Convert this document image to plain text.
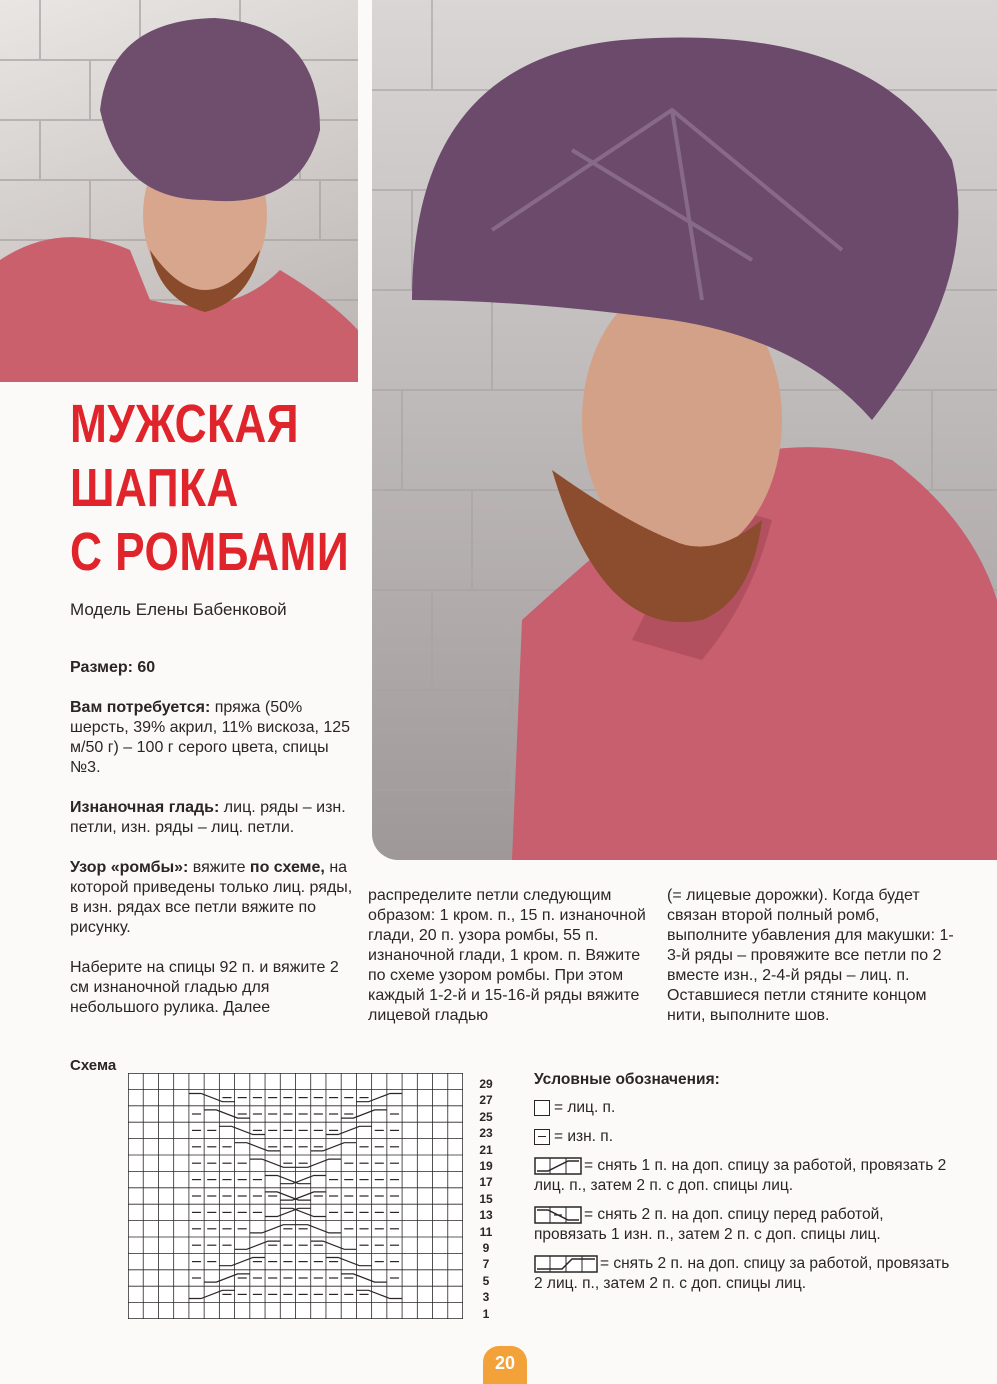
МУЖСКАЯ
ШАПКА
С РОМБАМИ
Модель Елены Бабенковой

Размер: 60

Вам потребуется: пряжа (50% шерсть, 39% акрил, 11% вискоза, 125 м/50 г) – 100 г серого цвета, спицы №3.

Изнаночная гладь: лиц. ряды – изн. петли, изн. ряды – лиц. петли.

Узор «ромбы»: вяжите по схеме, на которой приведены только лиц. ряды, в изн. рядах все петли вяжите по рисунку.

Наберите на спицы 92 п. и вяжите 2 см изнаночной гладью для небольшого рулика. Далее

распределите петли следующим образом: 1 кром. п., 15 п. изнаночной глади, 20 п. узора ромбы, 55 п. изнаночной глади, 1 кром. п. Вяжите по схеме узором ромбы. При этом каждый 1-2-й и 15-16-й ряды вяжите лицевой гладью

(= лицевые дорожки). Когда будет связан второй полный ромб, выполните убавления для макушки: 1-3-й ряды – провяжите все петли по 2 вместе изн., 2-4-й ряды – лиц. п. Оставшиеся петли стяните концом нити, выполните шов.

Схема
29
27
25
23
21
19
17
15
13
11
9
7
5
3
1
Условные обозначения:
= лиц. п.
= изн. п.
= снять 1 п. на доп. спицу за работой, провязать 2 лиц. п., затем 2 п. с доп. спицы лиц.
= снять 2 п. на доп. спицу перед работой, провязать 1 изн. п., затем 2 п. с доп. спицы лиц.
= снять 2 п. на доп. спицу за работой, провязать 2 лиц. п., затем 2 п. с доп. спицы лиц.
20
